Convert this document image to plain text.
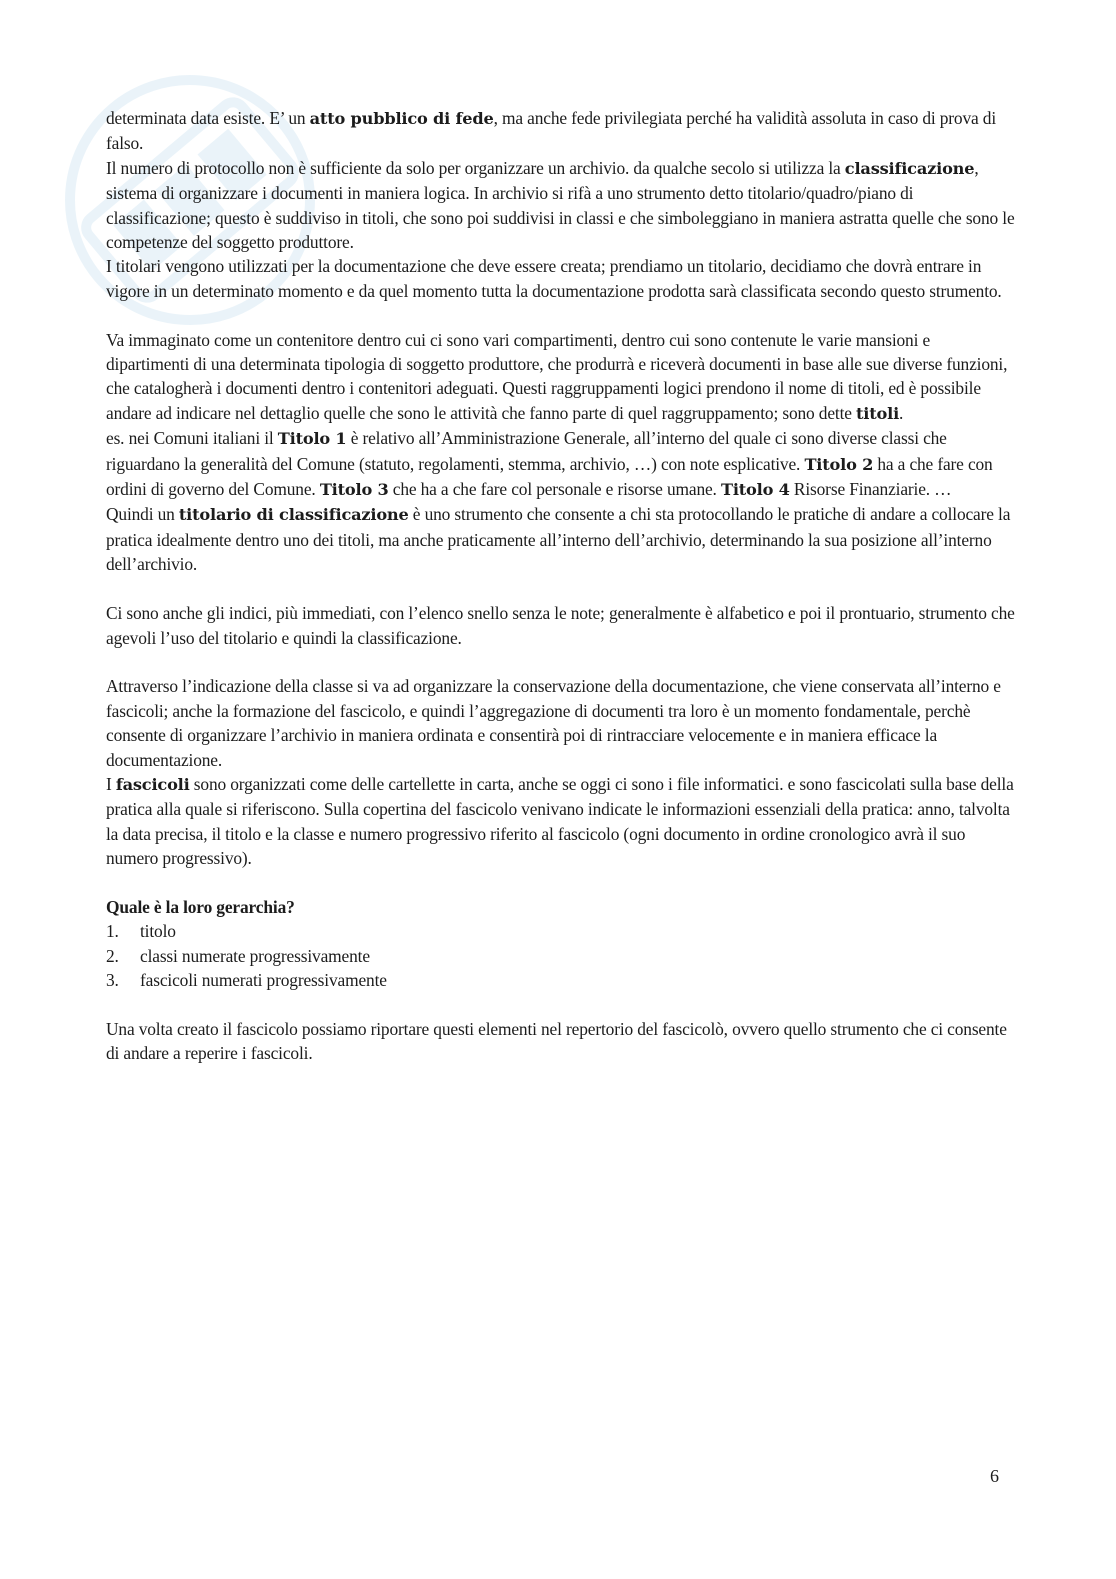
determinata data esiste. E’ un atto pubblico di fede, ma anche fede privilegiata perché ha validità assoluta in caso di prova di falso.

Il numero di protocollo non è sufficiente da solo per organizzare un archivio. da qualche secolo si utilizza la classificazione, sistema di organizzare i documenti in maniera logica. In archivio si rifà a uno strumento detto titolario/quadro/piano di classificazione; questo è suddiviso in titoli, che sono poi suddivisi in classi e che simboleggiano in maniera astratta quelle che sono le competenze del soggetto produttore.

I titolari vengono utilizzati per la documentazione che deve essere creata; prendiamo un titolario, decidiamo che dovrà entrare in vigore in un determinato momento e da quel momento tutta la documentazione prodotta sarà classificata secondo questo strumento.

Va immaginato come un contenitore dentro cui ci sono vari compartimenti, dentro cui sono contenute le varie mansioni e dipartimenti di una determinata tipologia di soggetto produttore, che produrrà e riceverà documenti in base alle sue diverse funzioni, che catalogherà i documenti dentro i contenitori adeguati. Questi raggruppamenti logici prendono il nome di titoli, ed è possibile andare ad indicare nel dettaglio quelle che sono le attività che fanno parte di quel raggruppamento; sono dette titoli.

es. nei Comuni italiani il Titolo 1 è relativo all’Amministrazione Generale, all’interno del quale ci sono diverse classi che riguardano la generalità del Comune (statuto, regolamenti, stemma, archivio, …) con note esplicative. Titolo 2 ha a che fare con ordini di governo del Comune. Titolo 3 che ha a che fare col personale e risorse umane. Titolo 4 Risorse Finanziarie. …

Quindi un titolario di classificazione è uno strumento che consente a chi sta protocollando le pratiche di andare a collocare la pratica idealmente dentro uno dei titoli, ma anche praticamente all’interno dell’archivio, determinando la sua posizione all’interno dell’archivio.

Ci sono anche gli indici, più immediati, con l’elenco snello senza le note; generalmente è alfabetico e poi il prontuario, strumento che agevoli l’uso del titolario e quindi la classificazione.

Attraverso l’indicazione della classe si va ad organizzare la conservazione della documentazione, che viene conservata all’interno e fascicoli; anche la formazione del fascicolo, e quindi l’aggregazione di documenti tra loro è un momento fondamentale, perchè consente di organizzare l’archivio in maniera ordinata e consentirà poi di rintracciare velocemente e in maniera efficace la documentazione.

I fascicoli sono organizzati come delle cartellette in carta, anche se oggi ci sono i file informatici. e sono fascicolati sulla base della pratica alla quale si riferiscono. Sulla copertina del fascicolo venivano indicate le informazioni essenziali della pratica: anno, talvolta la data precisa, il titolo e la classe e numero progressivo riferito al fascicolo (ogni documento in ordine cronologico avrà il suo numero progressivo).

Quale è la loro gerarchia?

1.	titolo
2.	classi numerate progressivamente
3.	fascicoli numerati progressivamente

Una volta creato il fascicolo possiamo riportare questi elementi nel repertorio del fascicolò, ovvero quello strumento che ci consente di andare a reperire i fascicoli.

6
